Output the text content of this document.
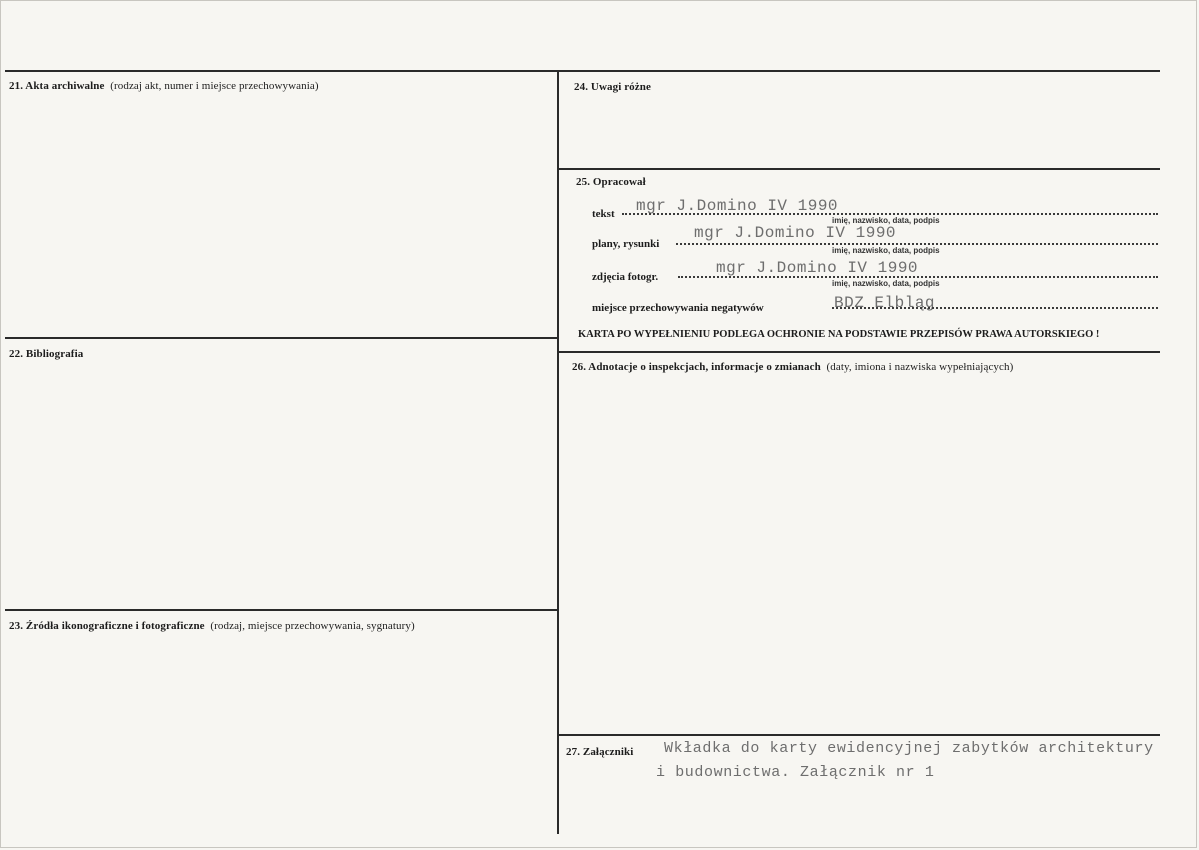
21. Akta archiwalne (rodzaj akt, numer i miejsce przechowywania)
22. Bibliografia
23. Źródła ikonograficzne i fotograficzne (rodzaj, miejsce przechowywania, sygnatury)
24. Uwagi różne
25. Opracował
tekst mgr J.Domino IV 1990
imię, nazwisko, data, podpis
plany, rysunki
mgr J.Domino IV 1990
imię, nazwisko, data, podpis
zdjęcia fotogr.	mgr J.Domino IV 1990
imię, nazwisko, data, podpis
miejsce przechowywania negatywów	BDZ Elbląg
KARTA PO WYPEŁNIENIU PODLEGA OCHRONIE NA PODSTAWIE PRZEPISÓW PRAWA AUTORSKIEGO !
26. Adnotacje o inspekcjach, informacje o zmianach (daty, imiona i nazwiska wypełniających)
27. Załączniki Wkładka do karty ewidencyjnej zabytków architektury
i budownictwa. Załącznik nr 1
